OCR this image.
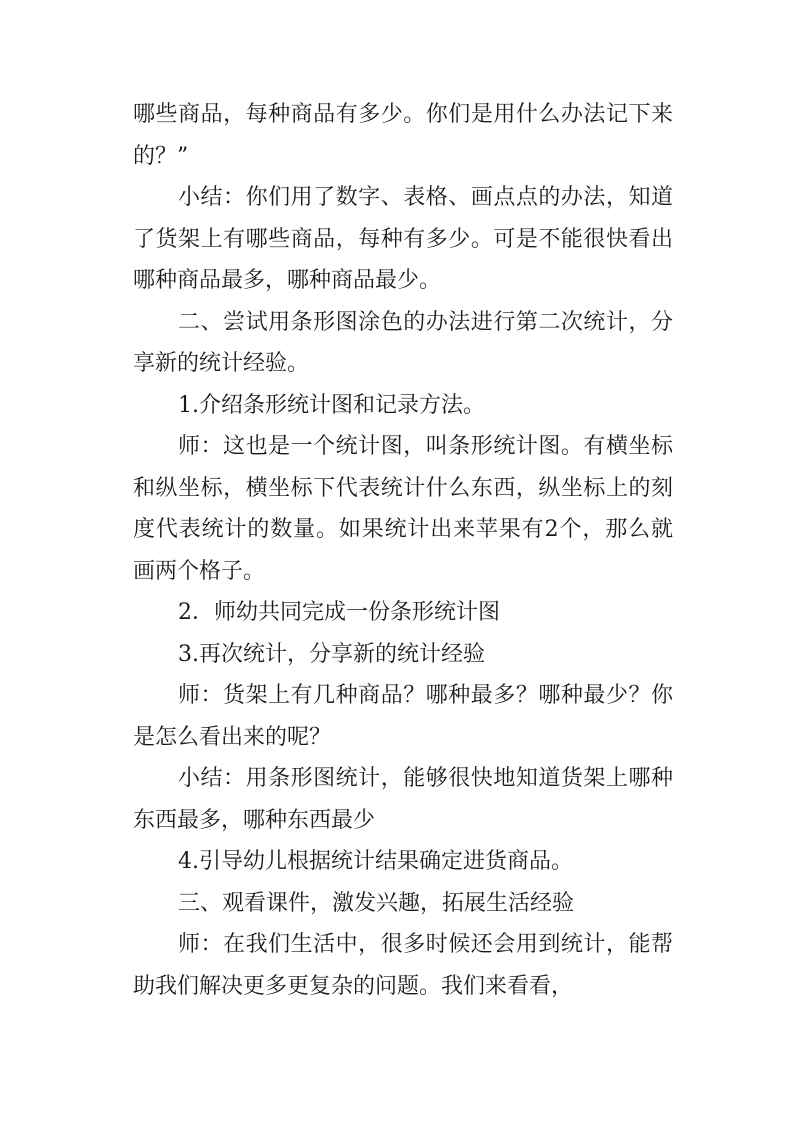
哪些商品，每种商品有多少。你们是用什么办法记下来的？”

小结：你们用了数字、表格、画点点的办法，知道了货架上有哪些商品，每种有多少。可是不能很快看出哪种商品最多，哪种商品最少。

二、尝试用条形图涂色的办法进行第二次统计，分享新的统计经验。

1.介绍条形统计图和记录方法。

师：这也是一个统计图，叫条形统计图。有横坐标和纵坐标，横坐标下代表统计什么东西，纵坐标上的刻度代表统计的数量。如果统计出来苹果有2个，那么就画两个格子。

2．师幼共同完成一份条形统计图

3.再次统计，分享新的统计经验

师：货架上有几种商品？哪种最多？哪种最少？你是怎么看出来的呢？

小结：用条形图统计，能够很快地知道货架上哪种东西最多，哪种东西最少

4.引导幼儿根据统计结果确定进货商品。

三、观看课件，激发兴趣，拓展生活经验

师：在我们生活中，很多时候还会用到统计，能帮助我们解决更多更复杂的问题。我们来看看，
